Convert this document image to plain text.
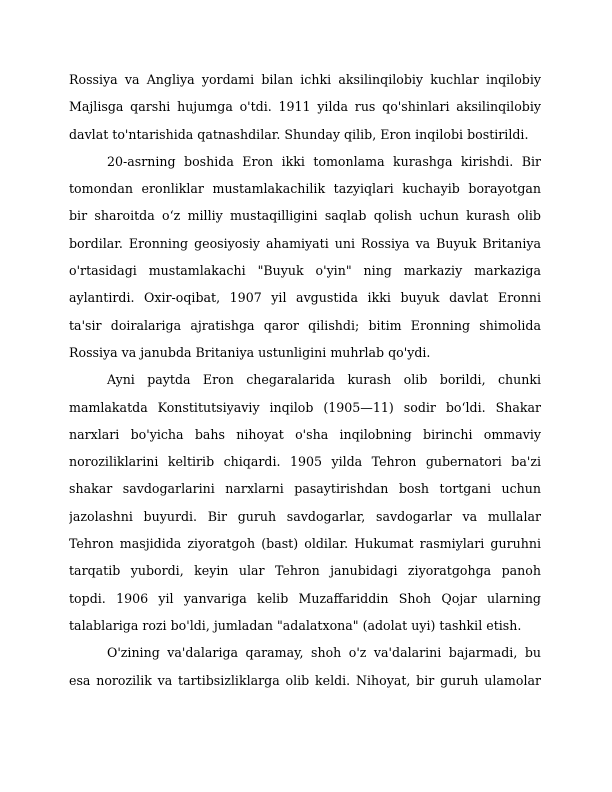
Rossiya va Angliya yordami bilan ichki aksilinqilobiy kuchlar inqilobiy
Majlisga qarshi hujumga o'tdi. 1911 yilda rus qo'shinlari aksilinqilobiy
davlat to'ntarishida qatnashdilar. Shunday qilib, Eron inqilobi bostirildi.
20-asrning boshida Eron ikki tomonlama kurashga kirishdi. Bir
tomondan eronliklar mustamlakachilik tazyiqlari kuchayib borayotgan
bir sharoitda o‘z milliy mustaqilligini saqlab qolish uchun kurash olib
bordilar. Eronning geosiyosiy ahamiyati uni Rossiya va Buyuk Britaniya
o'rtasidagi mustamlakachi "Buyuk o'yin" ning markaziy markaziga
aylantirdi. Oxir-oqibat, 1907 yil avgustida ikki buyuk davlat Eronni
ta'sir doiralariga ajratishga qaror qilishdi; bitim Eronning shimolida
Rossiya va janubda Britaniya ustunligini muhrlab qo'ydi.
Ayni paytda Eron chegaralarida kurash olib borildi, chunki
mamlakatda Konstitutsiyaviy inqilob (1905—11) sodir bo‘ldi. Shakar
narxlari bo'yicha bahs nihoyat o'sha inqilobning birinchi ommaviy
noroziliklarini keltirib chiqardi. 1905 yilda Tehron gubernatori ba'zi
shakar savdogarlarini narxlarni pasaytirishdan bosh tortgani uchun
jazolashni buyurdi. Bir guruh savdogarlar, savdogarlar va mullalar
Tehron masjidida ziyoratgoh (bast) oldilar. Hukumat rasmiylari guruhni
tarqatib yubordi, keyin ular Tehron janubidagi ziyoratgohga panoh
topdi. 1906 yil yanvariga kelib Muzaffariddin Shoh Qojar ularning
talablariga rozi bo'ldi, jumladan "adalatxona" (adolat uyi) tashkil etish.
O'zining va'dalariga qaramay, shoh o'z va'dalarini bajarmadi, bu
esa norozilik va tartibsizliklarga olib keldi. Nihoyat, bir guruh ulamolar
